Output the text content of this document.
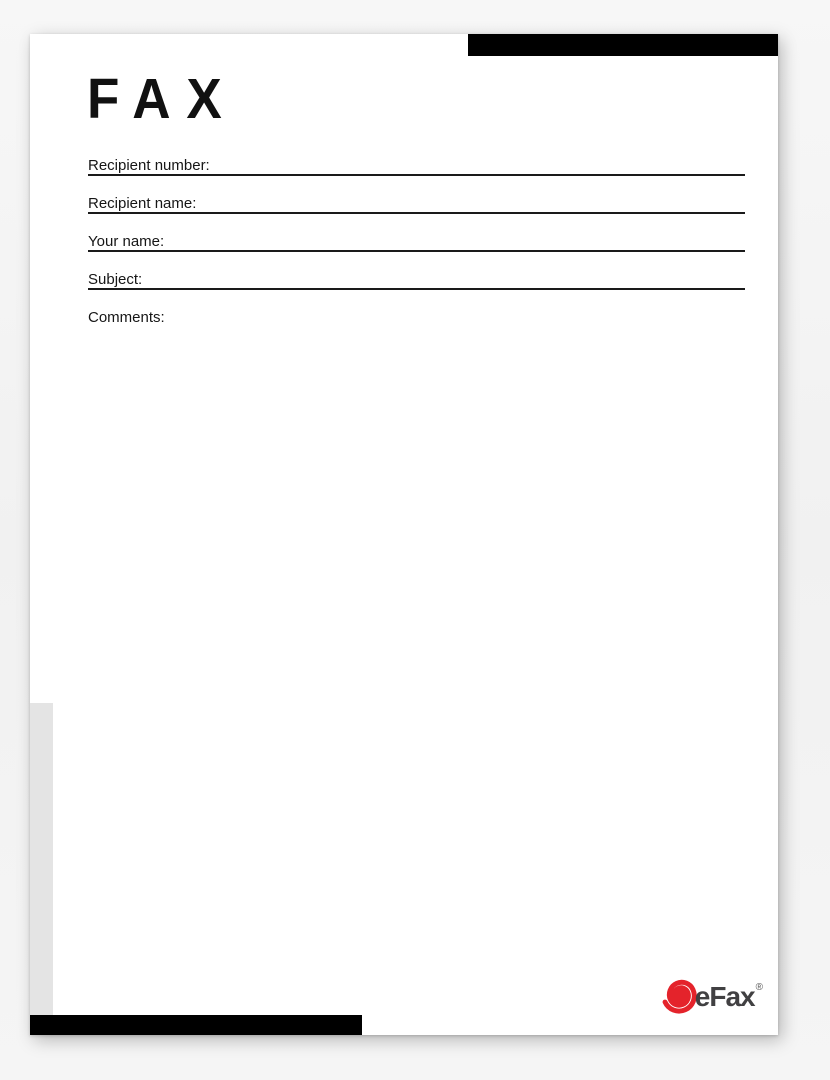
FAX
Recipient number:
Recipient name:
Your name:
Subject:
Comments:
eFax ®
